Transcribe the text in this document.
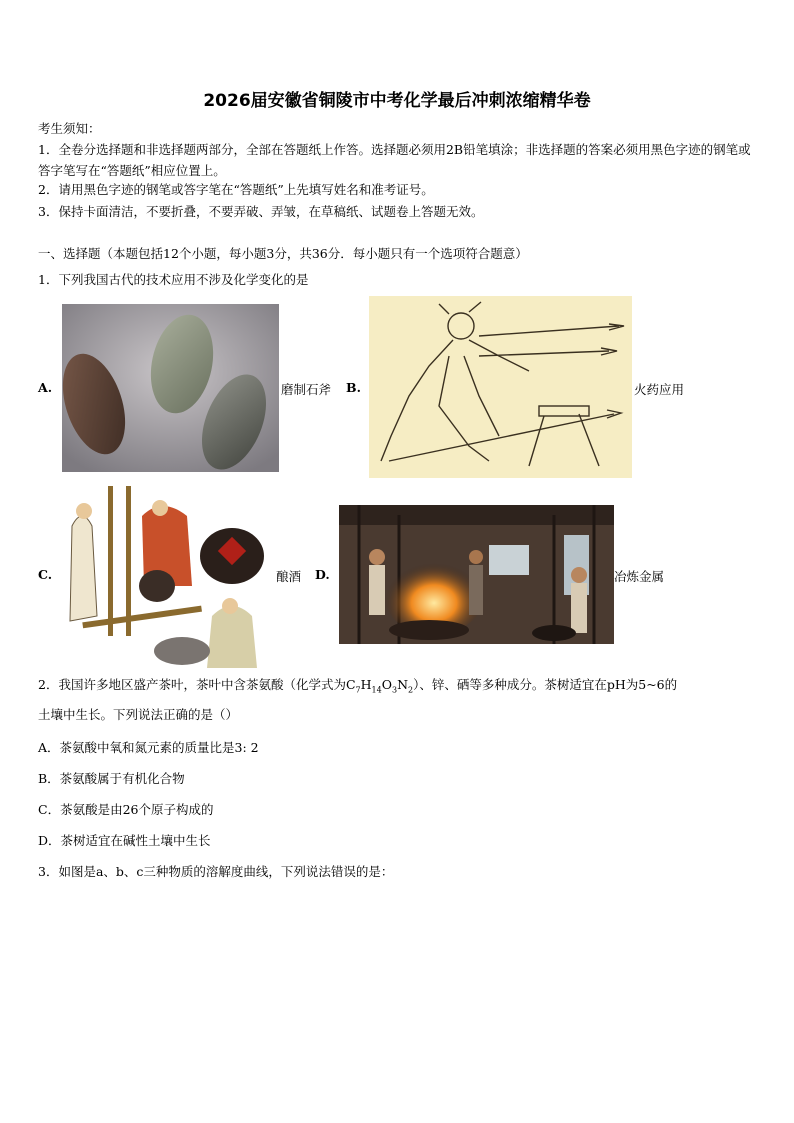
2026届安徽省铜陵市中考化学最后冲刺浓缩精华卷
考生须知：
1．全卷分选择题和非选择题两部分，全部在答题纸上作答。选择题必须用2B铅笔填涂；非选择题的答案必须用黑色字迹的钢笔或答字笔写在“答题纸”相应位置上。
2．请用黑色字迹的钢笔或答字笔在“答题纸”上先填写姓名和准考证号。
3．保持卡面清洁，不要折叠，不要弄破、弄皱，在草稿纸、试题卷上答题无效。
一、选择题（本题包括12个小题，每小题3分，共36分．每小题只有一个选项符合题意）
1．下列我国古代的技术应用不涉及化学变化的是
A.	磨制石斧 B.	火药应用
C.	酿酒 D.	冶炼金属
2．我国许多地区盛产茶叶，茶叶中含茶氨酸（化学式为$C_7H_{14}O_3N_2$）、锌、硒等多种成分。茶树适宜在pH为5~6的
土壤中生长。下列说法正确的是（）
A．茶氨酸中氧和氮元素的质量比是3: 2
B．茶氨酸属于有机化合物
C．茶氨酸是由26个原子构成的
D．茶树适宜在碱性土壤中生长
3．如图是a、b、c三种物质的溶解度曲线，下列说法错误的是：
